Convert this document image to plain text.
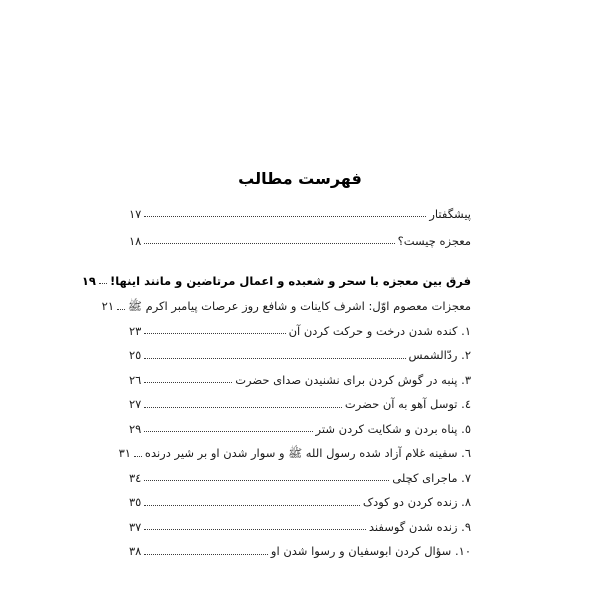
فهرست مطالب
پیشگفتار
١٧
معجزه چیست؟
١٨
فرق بین معجزه با سحر و شعبده و اعمال مرتاضین و مانند اینها!
١٩
معجزات معصوم اوّل: اشرف کاینات و شافع روز عرصات پیامبر اکرم ﷺ
٢١
١. کنده شدن درخت و حرکت کردن آن
٢٣
٢. ردّالشمس
٢٥
٣. پنبه در گوش کردن برای نشنیدن صدای حضرت
٢٦
٤. توسل آهو به آن حضرت
٢٧
٥. پناه بردن و شکایت کردن شتر
٢٩
٦. سفینه غلام آزاد شده رسول الله ﷺ و سوار شدن او بر شیر درنده
٣١
٧. ماجرای کچلی
٣٤
٨. زنده کردن دو کودک
٣٥
٩. زنده شدن گوسفند
٣٧
١٠. سؤال کردن ابوسفیان و رسوا شدن او
٣٨
